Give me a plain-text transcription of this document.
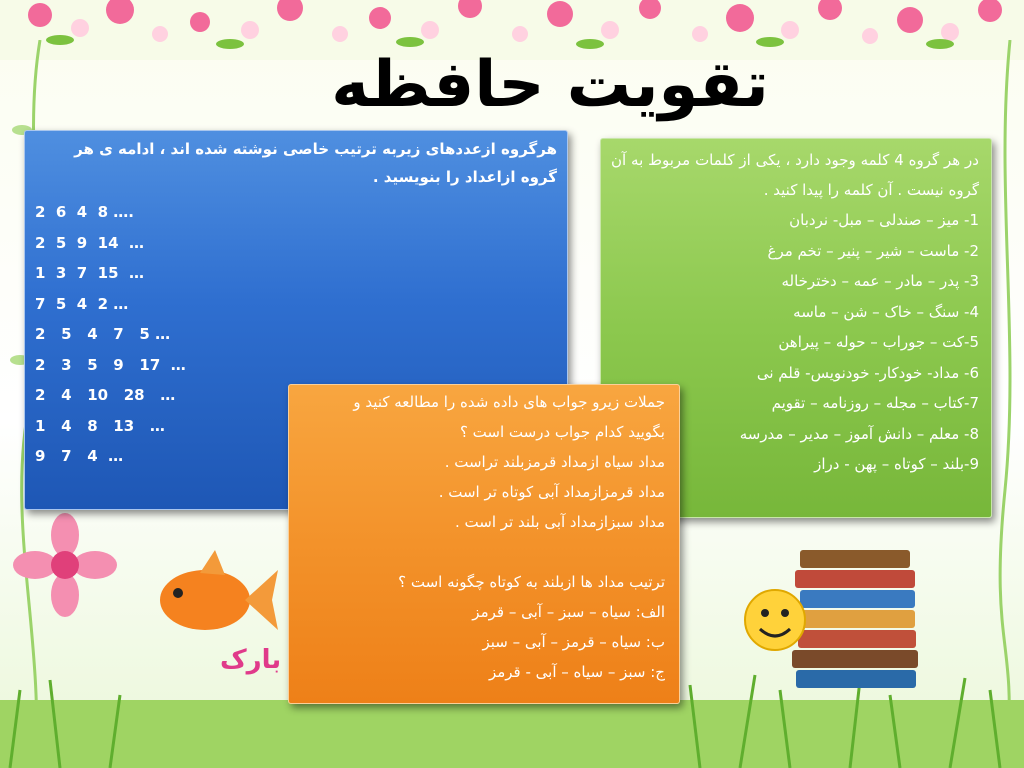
بارک
تقویت حافظه

هرگروه ازعددهای زیربه ترتیب خاصی نوشته شده اند ، ادامه ی هر گروه ازاعداد را بنویسید .

2  6  4  8 ….
2  5  9  14  …
1  3  7  15  …
7  5  4  2 …
2   5   4   7   5 …
2   3   5   9   17  …
2   4   10   28   …
1   4   8   13   …
9   7   4  …
در هر گروه 4 کلمه وجود دارد ، یکی از کلمات مربوط به آن گروه نیست . آن کلمه را پیدا کنید .
1- میز – صندلی – مبل- نردبان
2- ماست – شیر – پنیر – تخم مرغ
3- پدر – مادر – عمه – دخترخاله
4- سنگ – خاک – شن – ماسه
5-کت – جوراب – حوله – پیراهن
6- مداد- خودکار- خودنویس- قلم نی
7-کتاب – مجله – روزنامه – تقویم
8- معلم – دانش آموز – مدیر – مدرسه
9-بلند – کوتاه – پهن - دراز
جملات زیرو جواب های داده شده را مطالعه کنید و
بگویید کدام جواب درست است ؟
مداد سیاه ازمداد قرمزبلند تراست .
مداد قرمزازمداد آبی کوتاه تر است .
مداد سبزازمداد آبی بلند تر است .
ترتیب مداد ها ازبلند به کوتاه چگونه است ؟
الف: سیاه – سبز – آبی – قرمز
ب: سیاه – قرمز – آبی – سبز
ج: سبز – سیاه – آبی - قرمز
